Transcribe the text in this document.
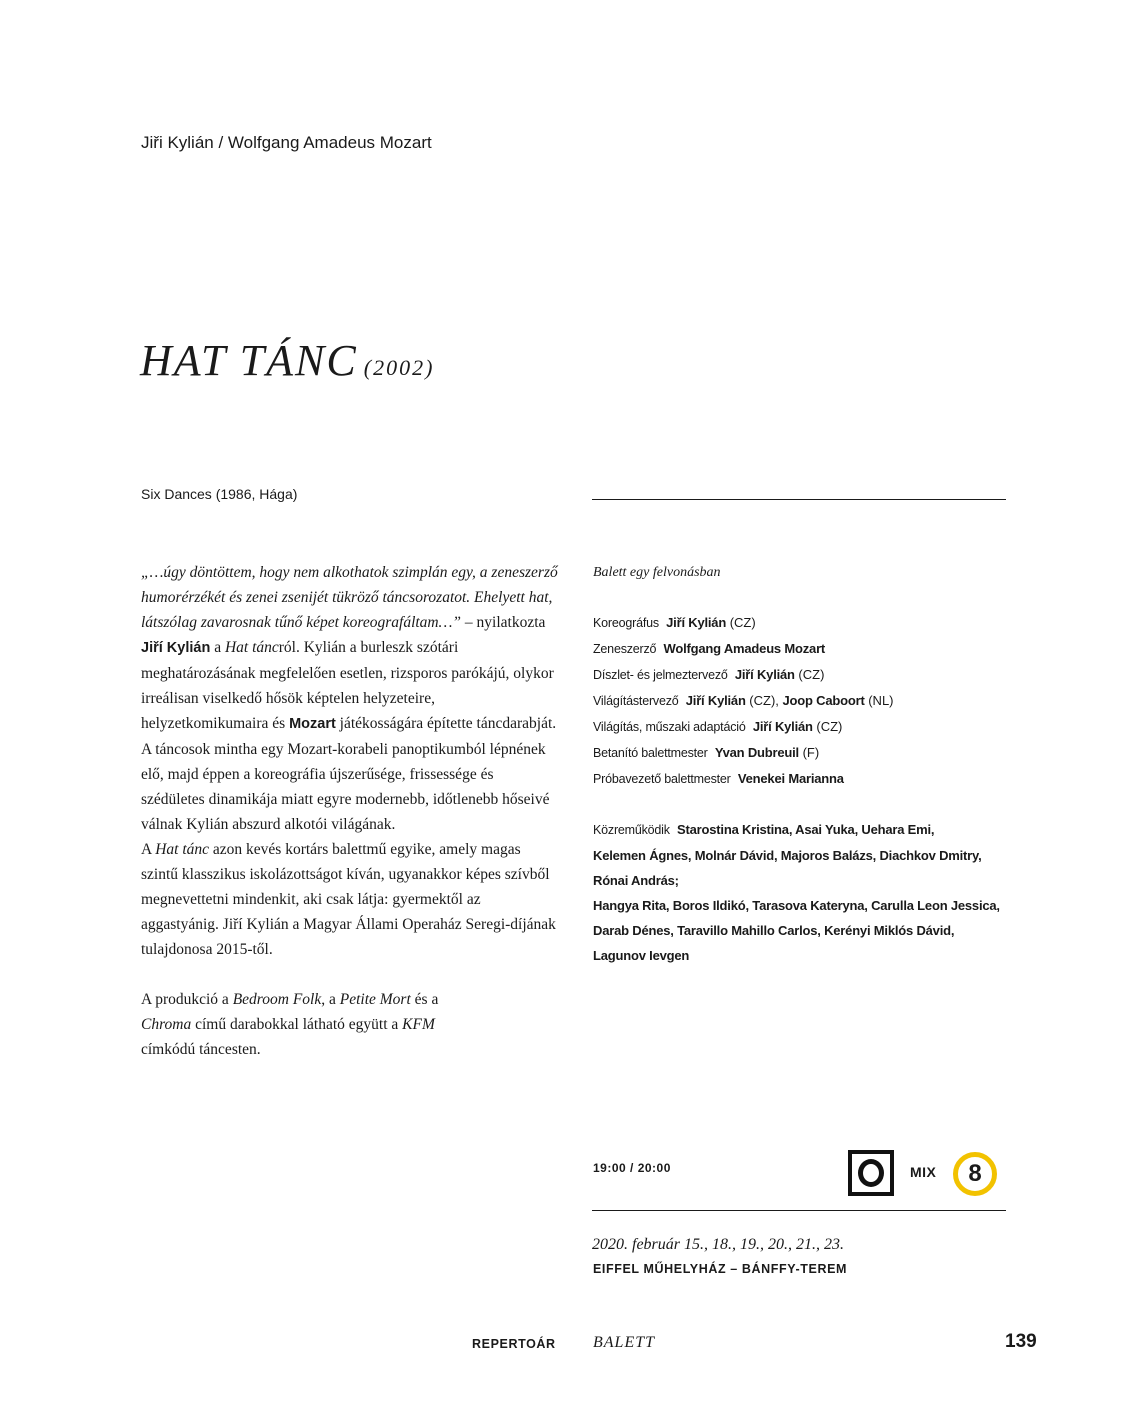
Jiři Kylián / Wolfgang Amadeus Mozart
HAT TÁNC (2002)
Six Dances (1986, Hága)

„…úgy döntöttem, hogy nem alkothatok szimplán egy, a zeneszerző humorérzékét és zenei zsenijét tükröző táncsorozatot. Ehelyett hat, látszólag zavarosnak tűnő képet koreografáltam…” – nyilatkozta Jiří Kylián a Hat táncról. Kylián a burleszk szótári meghatározásának megfelelően esetlen, rizsporos parókájú, olykor irreálisan viselkedő hősök képtelen helyzeteire, helyzetkomikumaira és Mozart játékosságára építette táncdarabját.

A táncosok mintha egy Mozart-korabeli panoptikumból lépnének elő, majd éppen a koreográfia újszerűsége, frissessége és szédületes dinamikája miatt egyre modernebb, időtlenebb hőseivé válnak Kylián abszurd alkotói világának.

A Hat tánc azon kevés kortárs balettmű egyike, amely magas szintű klasszikus iskolázottságot kíván, ugyanakkor képes szívből megnevettetni mindenkit, aki csak látja: gyermektől az aggastyánig. Jiří Kylián a Magyar Állami Operaház Seregi-díjának tulajdonosa 2015-től.

A produkció a Bedroom Folk, a Petite Mort és a Chroma című darabokkal látható együtt a KFM címkódú táncesten.

Balett egy felvonásban
Koreográfus Jiří Kylián (CZ)
Zeneszerző Wolfgang Amadeus Mozart
Díszlet- és jelmeztervező Jiří Kylián (CZ)
Világítástervező Jiří Kylián (CZ), Joop Caboort (NL)
Világítás, műszaki adaptáció Jiří Kylián (CZ)
Betanító balettmester Yvan Dubreuil (F)
Próbavezető balettmester Venekei Marianna
Közreműködik Starostina Kristina, Asai Yuka, Uehara Emi,
Kelemen Ágnes, Molnár Dávid, Majoros Balázs, Diachkov Dmitry,
Rónai András;
Hangya Rita, Boros Ildikó, Tarasova Kateryna, Carulla Leon Jessica,
Darab Dénes, Taravillo Mahillo Carlos, Kerényi Miklós Dávid,
Lagunov Ievgen
19:00 / 20:00	MIX	8
2020. február 15., 18., 19., 20., 21., 23.
EIFFEL MŰHELYHÁZ – BÁNFFY-TEREM
REPERTOÁR BALETT	139
